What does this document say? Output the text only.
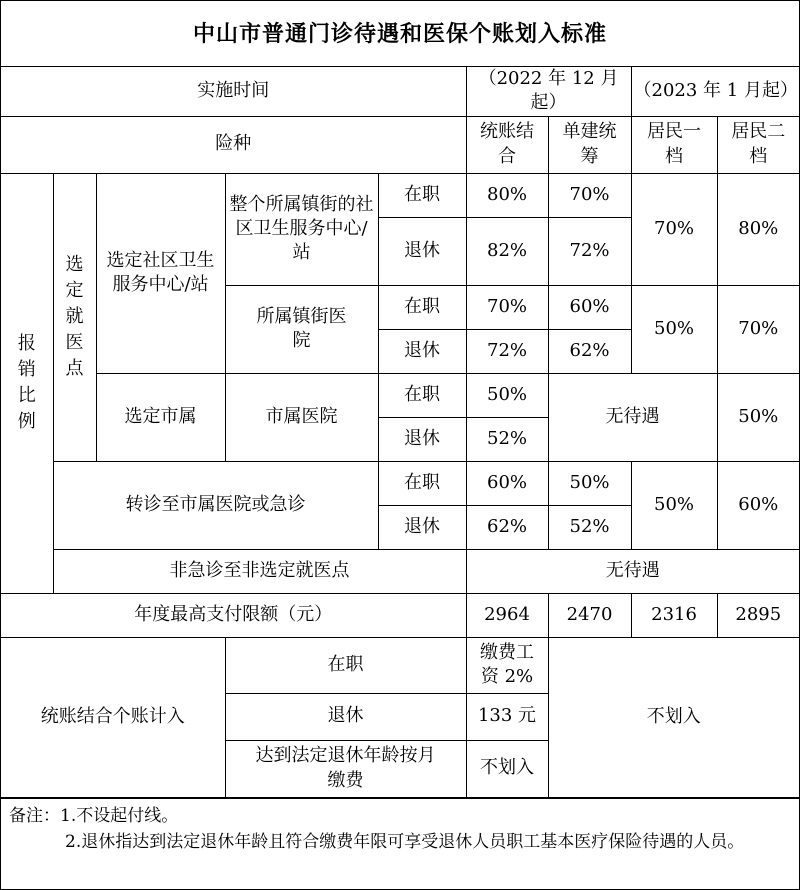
中山市普通门诊待遇和医保个账划入标准
实施时间					（2022 年 12 月起）		（2023 年 1 月起）	
险种					统账结合	单建统筹	居民一档	居民二档
报销比例	选定就医点	选定社区卫生服务中心/站	整个所属镇街的社区卫生服务中心/站	在职	80%	70%	70%	80%
				退休	82%	72%		
			所属镇街医院	在职	70%	60%	50%	70%
				退休	72%	62%		
		选定市属	市属医院	在职	50%	无待遇		50%
				退休	52%			
	转诊至市属医院或急诊			在职	60%	50%	50%	60%
				退休	62%	52%		
	非急诊至非选定就医点				无待遇			
年度最高支付限额（元）					2964	2470	2316	2895
统账结合个账计入			在职		缴费工资 2%	不划入		
			退休		133 元			
			达到法定退休年龄按月缴费		不划入			
备注：1.不设起付线。
2.退休指达到法定退休年龄且符合缴费年限可享受退休人员职工基本医疗保险待遇的人员。
